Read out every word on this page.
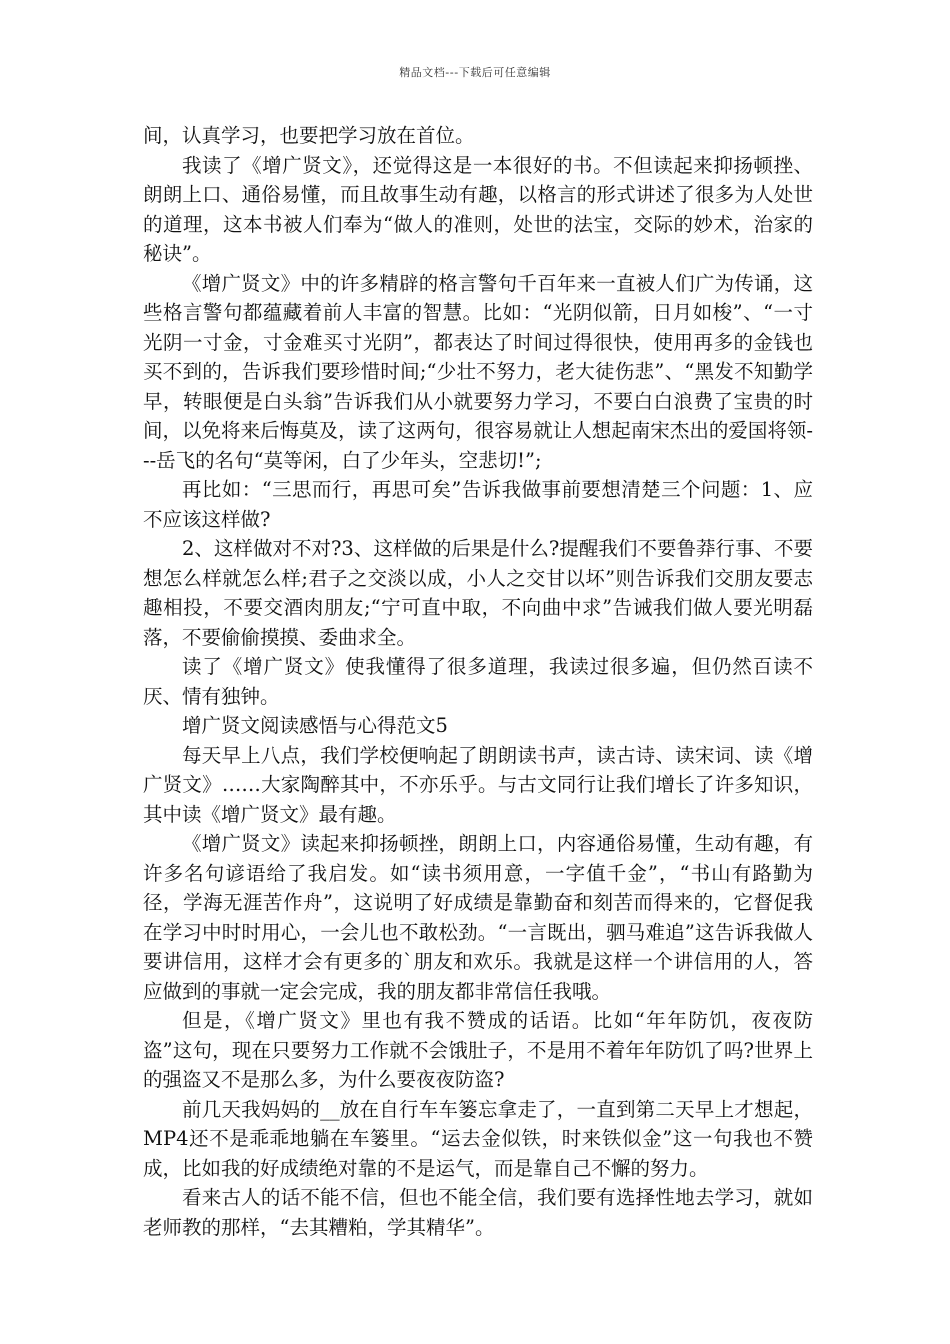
精品文档---下载后可任意编辑

间，认真学习，也要把学习放在首位。

我读了《增广贤文》，还觉得这是一本很好的书。不但读起来抑扬顿挫、朗朗上口、通俗易懂，而且故事生动有趣，以格言的形式讲述了很多为人处世的道理，这本书被人们奉为“做人的准则，处世的法宝，交际的妙术，治家的秘诀”。

《增广贤文》中的许多精辟的格言警句千百年来一直被人们广为传诵，这些格言警句都蕴藏着前人丰富的智慧。比如：“光阴似箭，日月如梭”、“一寸光阴一寸金，寸金难买寸光阴”，都表达了时间过得很快，使用再多的金钱也买不到的，告诉我们要珍惜时间;“少壮不努力，老大徒伤悲”、“黑发不知勤学早，转眼便是白头翁”告诉我们从小就要努力学习，不要白白浪费了宝贵的时间，以免将来后悔莫及，读了这两句，很容易就让人想起南宋杰出的爱国将领---岳飞的名句“莫等闲，白了少年头，空悲切!”;

再比如：“三思而行，再思可矣”告诉我做事前要想清楚三个问题：1、应不应该这样做?

2、这样做对不对?3、这样做的后果是什么?提醒我们不要鲁莽行事、不要想怎么样就怎么样;君子之交淡以成，小人之交甘以坏”则告诉我们交朋友要志趣相投，不要交酒肉朋友;“宁可直中取，不向曲中求”告诫我们做人要光明磊落，不要偷偷摸摸、委曲求全。

读了《增广贤文》使我懂得了很多道理，我读过很多遍，但仍然百读不厌、情有独钟。

增广贤文阅读感悟与心得范文5

每天早上八点，我们学校便响起了朗朗读书声，读古诗、读宋词、读《增广贤文》……大家陶醉其中，不亦乐乎。与古文同行让我们增长了许多知识，其中读《增广贤文》最有趣。

《增广贤文》读起来抑扬顿挫，朗朗上口，内容通俗易懂，生动有趣，有许多名句谚语给了我启发。如“读书须用意，一字值千金”，“书山有路勤为径，学海无涯苦作舟”，这说明了好成绩是靠勤奋和刻苦而得来的，它督促我在学习中时时用心，一会儿也不敢松劲。“一言既出，驷马难追”这告诉我做人要讲信用，这样才会有更多的`朋友和欢乐。我就是这样一个讲信用的人，答应做到的事就一定会完成，我的朋友都非常信任我哦。

但是，《增广贤文》里也有我不赞成的话语。比如“年年防饥，夜夜防盗”这句，现在只要努力工作就不会饿肚子，不是用不着年年防饥了吗?世界上的强盗又不是那么多，为什么要夜夜防盗?

前几天我妈妈的__放在自行车车篓忘拿走了，一直到第二天早上才想起，MP4还不是乖乖地躺在车篓里。“运去金似铁，时来铁似金”这一句我也不赞成，比如我的好成绩绝对靠的不是运气，而是靠自己不懈的努力。

看来古人的话不能不信，但也不能全信，我们要有选择性地去学习，就如老师教的那样，“去其糟粕，学其精华”。
